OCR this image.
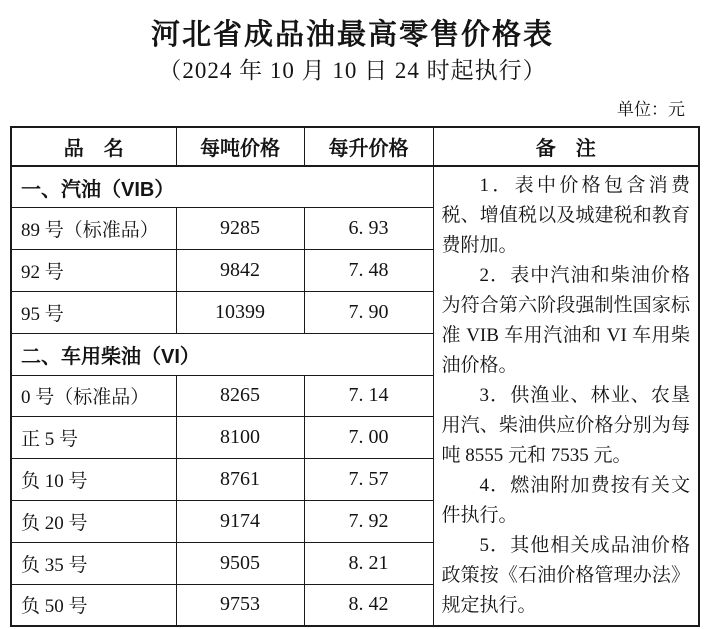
河北省成品油最高零售价格表
（2024 年 10 月 10 日 24 时起执行）
单位：元
品　名	每吨价格	每升价格	备　注
一、汽油（VIB）			1．表中价格包含消费税、增值税以及城建税和教育费附加。

2．表中汽油和柴油价格为符合第六阶段强制性国家标准 VIB 车用汽油和 VI 车用柴油价格。

3．供渔业、林业、农垦用汽、柴油供应价格分别为每吨 8555 元和 7535 元。

4．燃油附加费按有关文件执行。

5．其他相关成品油价格政策按《石油价格管理办法》规定执行。

89 号（标准品）	9285	6. 93	
92 号	9842	7. 48	
95 号	10399	7. 90	
二、车用柴油（VI）			
0 号（标准品）	8265	7. 14	
正 5 号	8100	7. 00	
负 10 号	8761	7. 57	
负 20 号	9174	7. 92	
负 35 号	9505	8. 21	
负 50 号	9753	8. 42	
